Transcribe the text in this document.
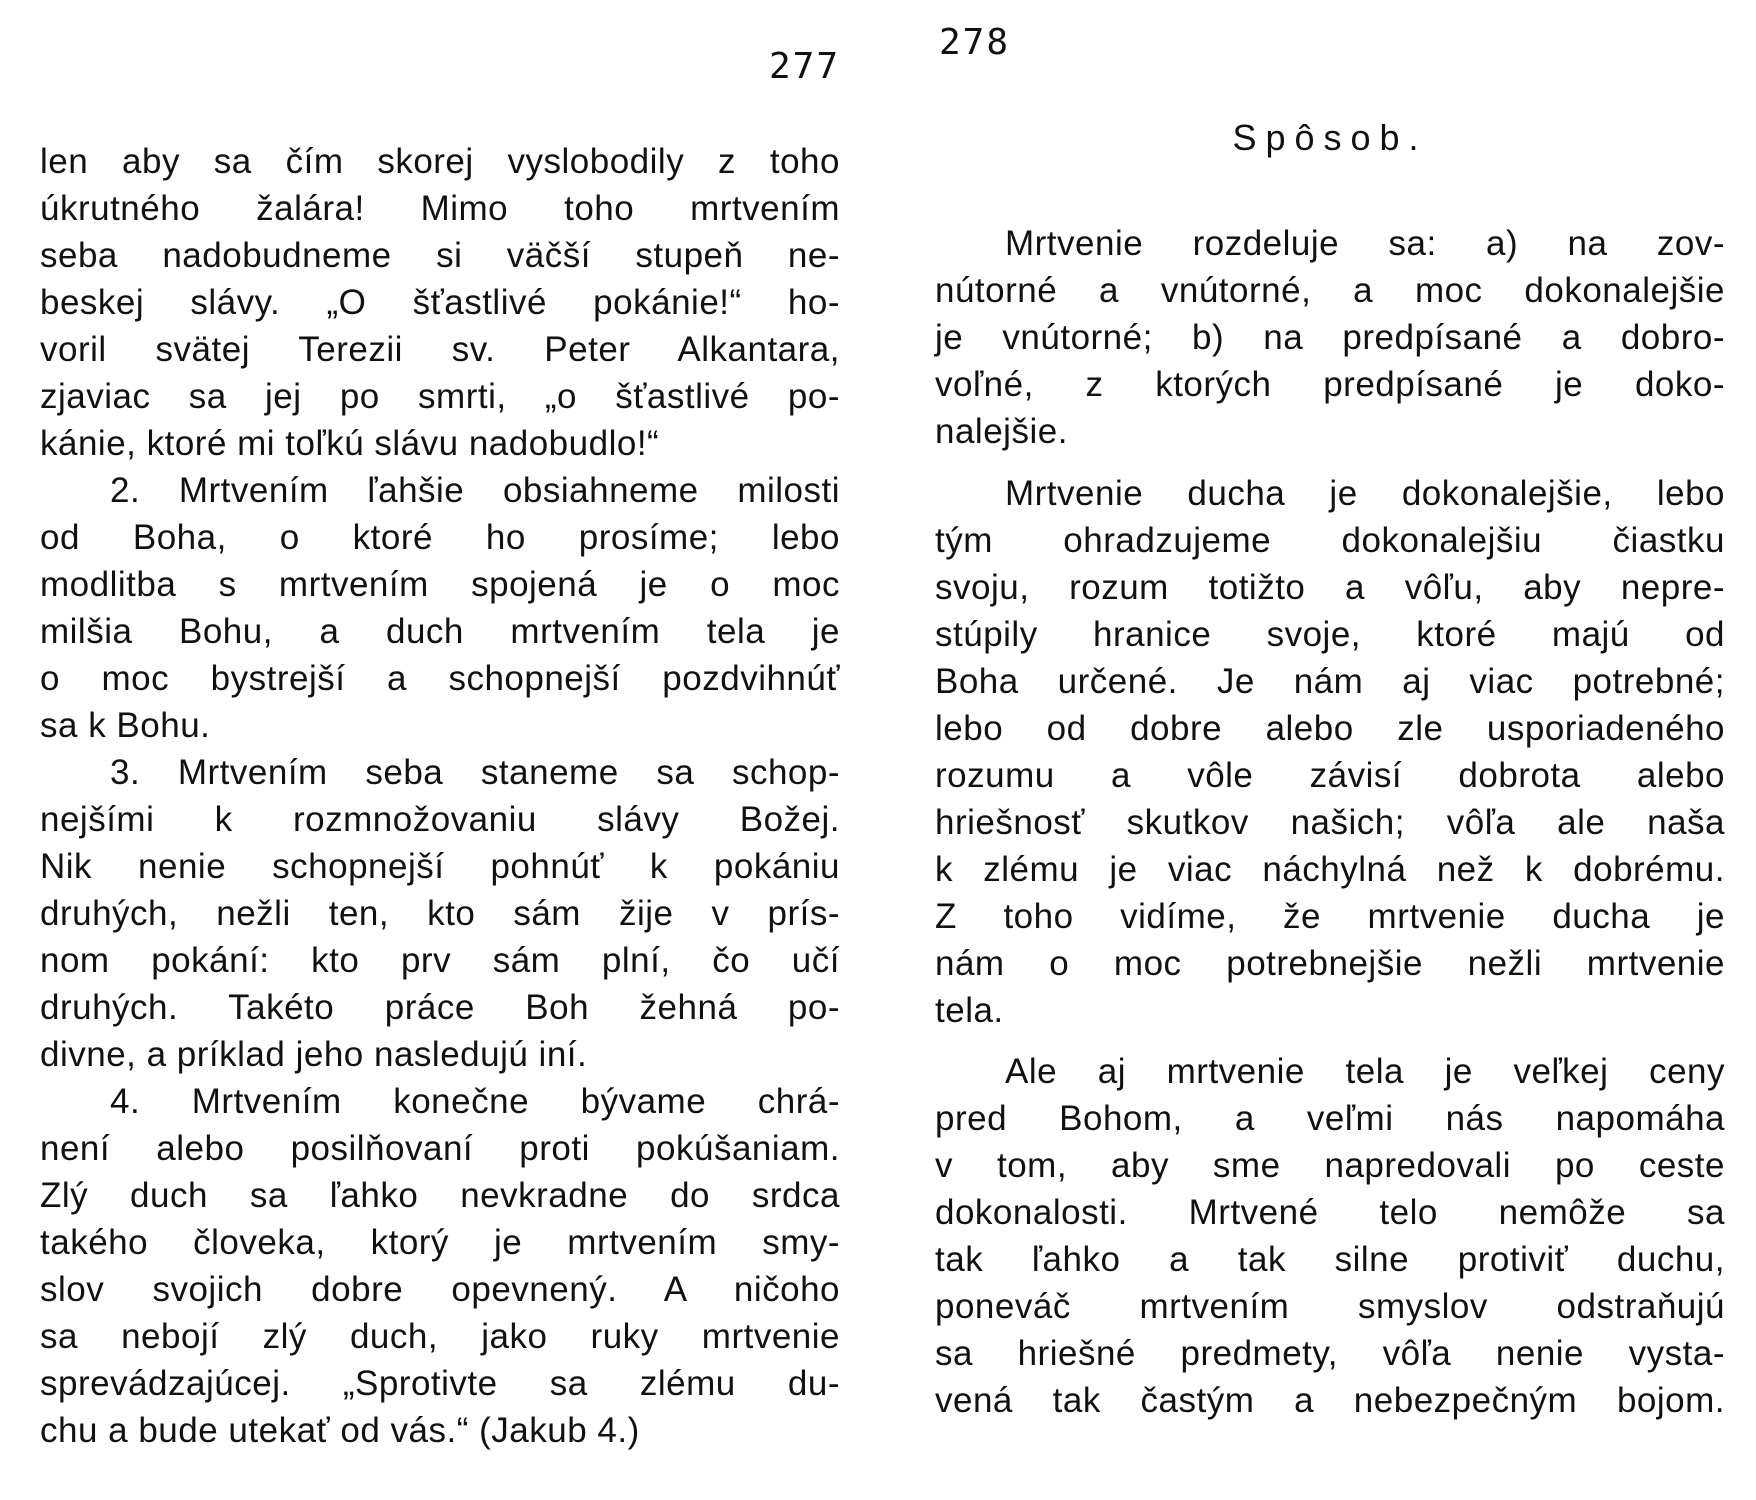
277
len aby sa čím skorej vyslobodily z toho
úkrutného žalára! Mimo toho mrtvením
seba nadobudneme si väčší stupeň ne-
beskej slávy. „O šťastlivé pokánie!“ ho-
voril svätej Terezii sv. Peter Alkantara,
zjaviac sa jej po smrti, „o šťastlivé po-
kánie, ktoré mi toľkú slávu nadobudlo!“
2. Mrtvením ľahšie obsiahneme milosti
od Boha, o ktoré ho prosíme; lebo
modlitba s mrtvením spojená je o moc
milšia Bohu, a duch mrtvením tela je
o moc bystrejší a schopnejší pozdvihnúť
sa k Bohu.
3. Mrtvením seba staneme sa schop-
nejšími k rozmnožovaniu slávy Božej.
Nik nenie schopnejší pohnúť k pokániu
druhých, nežli ten, kto sám žije v prís-
nom pokání: kto prv sám plní, čo učí
druhých. Takéto práce Boh žehná po-
divne, a príklad jeho nasledujú iní.
4. Mrtvením konečne bývame chrá-
není alebo posilňovaní proti pokúšaniam.
Zlý duch sa ľahko nevkradne do srdca
takého človeka, ktorý je mrtvením smy-
slov svojich dobre opevnený. A ničoho
sa nebojí zlý duch, jako ruky mrtvenie
sprevádzajúcej. „Sprotivte sa zlému du-
chu a bude utekať od vás.“ (Jakub 4.)
278
Spôsob.
Mrtvenie rozdeluje sa: a) na zov-
nútorné a vnútorné, a moc dokonalejšie
je vnútorné; b) na predpísané a dobro-
voľné, z ktorých predpísané je doko-
nalejšie.
Mrtvenie ducha je dokonalejšie, lebo
tým ohradzujeme dokonalejšiu čiastku
svoju, rozum totižto a vôľu, aby nepre-
stúpily hranice svoje, ktoré majú od
Boha určené. Je nám aj viac potrebné;
lebo od dobre alebo zle usporiadeného
rozumu a vôle závisí dobrota alebo
hriešnosť skutkov našich; vôľa ale naša
k zlému je viac náchylná než k dobrému.
Z toho vidíme, že mrtvenie ducha je
nám o moc potrebnejšie nežli mrtvenie
tela.
Ale aj mrtvenie tela je veľkej ceny
pred Bohom, a veľmi nás napomáha
v tom, aby sme napredovali po ceste
dokonalosti. Mrtvené telo nemôže sa
tak ľahko a tak silne protiviť duchu,
poneváč mrtvením smyslov odstraňujú
sa hriešné predmety, vôľa nenie vysta-
vená tak častým a nebezpečným bojom.
